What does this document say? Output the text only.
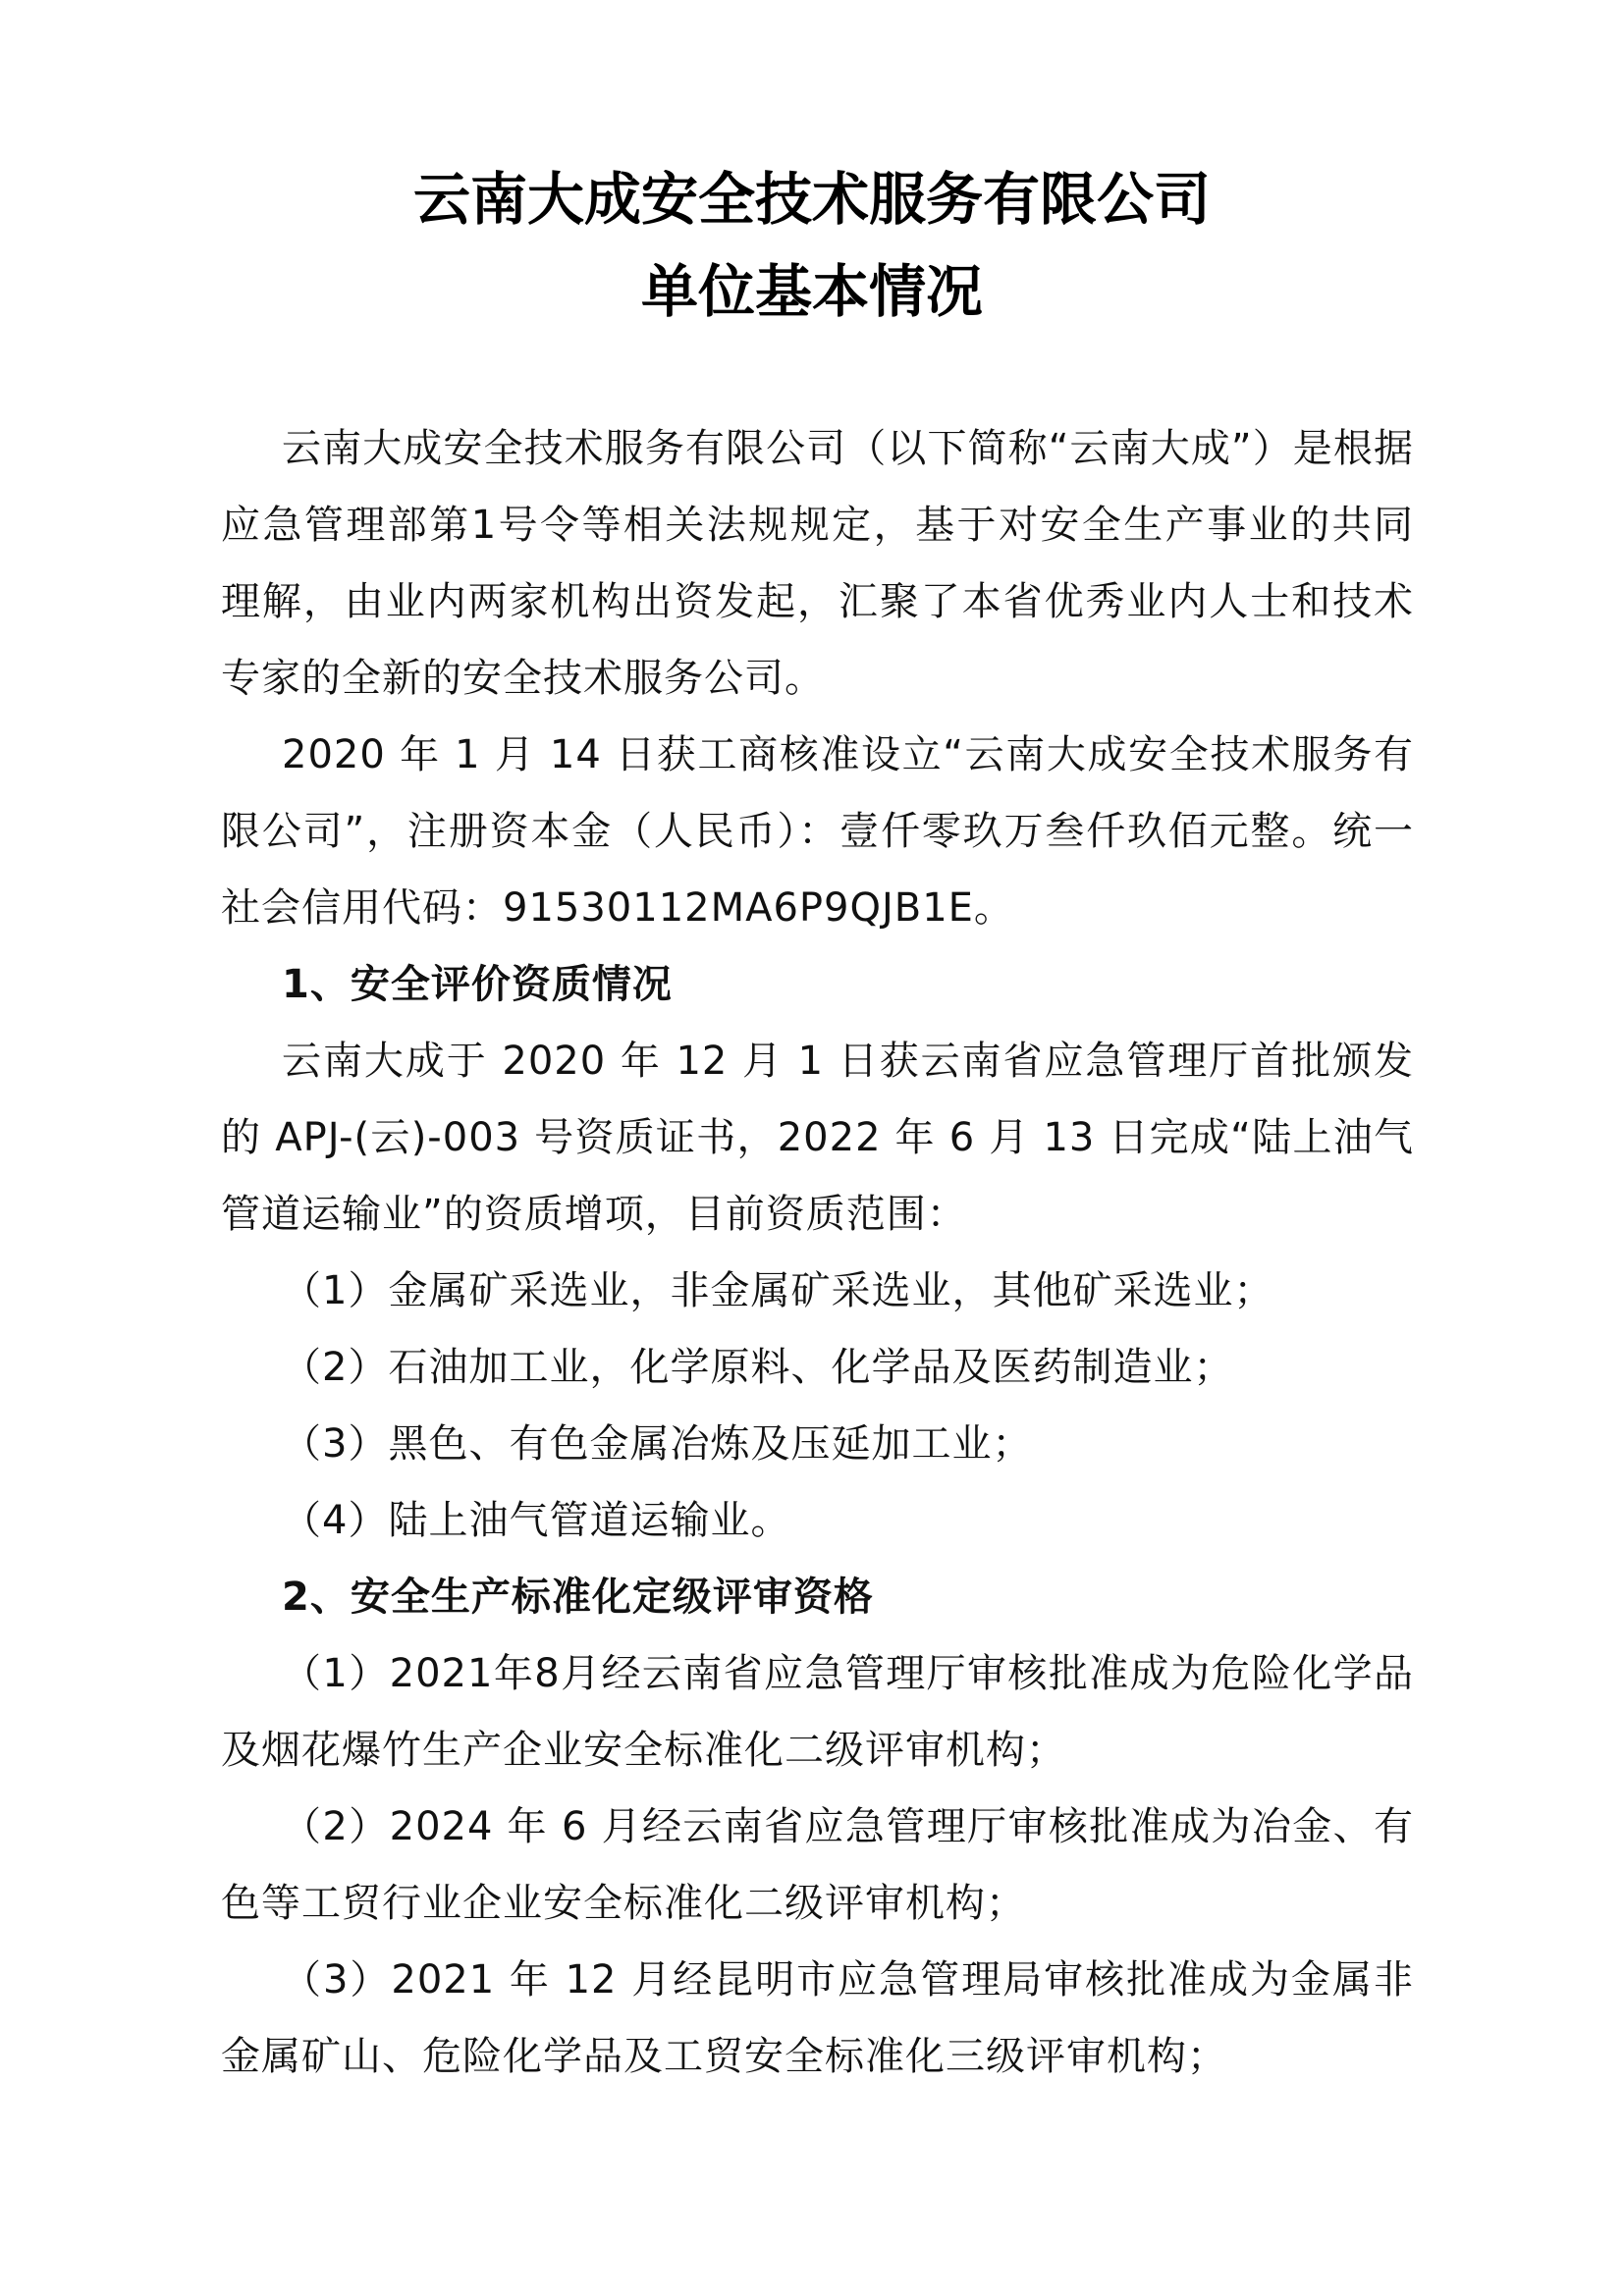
云南大成安全技术服务有限公司
单位基本情况

云南大成安全技术服务有限公司（以下简称“云南大成”）是根据应急管理部第1号令等相关法规规定，基于对安全生产事业的共同理解，由业内两家机构出资发起，汇聚了本省优秀业内人士和技术专家的全新的安全技术服务公司。

2020 年 1 月 14 日获工商核准设立“云南大成安全技术服务有限公司”，注册资本金（人民币）：壹仟零玖万叁仟玖佰元整。统一社会信用代码：91530112MA6P9QJB1E。

1、安全评价资质情况

云南大成于 2020 年 12 月 1 日获云南省应急管理厅首批颁发的 APJ-(云)-003 号资质证书，2022 年 6 月 13 日完成“陆上油气管道运输业”的资质增项，目前资质范围：

（1）金属矿采选业，非金属矿采选业，其他矿采选业；

（2）石油加工业，化学原料、化学品及医药制造业；

（3）黑色、有色金属冶炼及压延加工业；

（4）陆上油气管道运输业。

2、安全生产标准化定级评审资格

（1）2021年8月经云南省应急管理厅审核批准成为危险化学品及烟花爆竹生产企业安全标准化二级评审机构；

（2）2024 年 6 月经云南省应急管理厅审核批准成为冶金、有色等工贸行业企业安全标准化二级评审机构；

（3）2021 年 12 月经昆明市应急管理局审核批准成为金属非金属矿山、危险化学品及工贸安全标准化三级评审机构；
